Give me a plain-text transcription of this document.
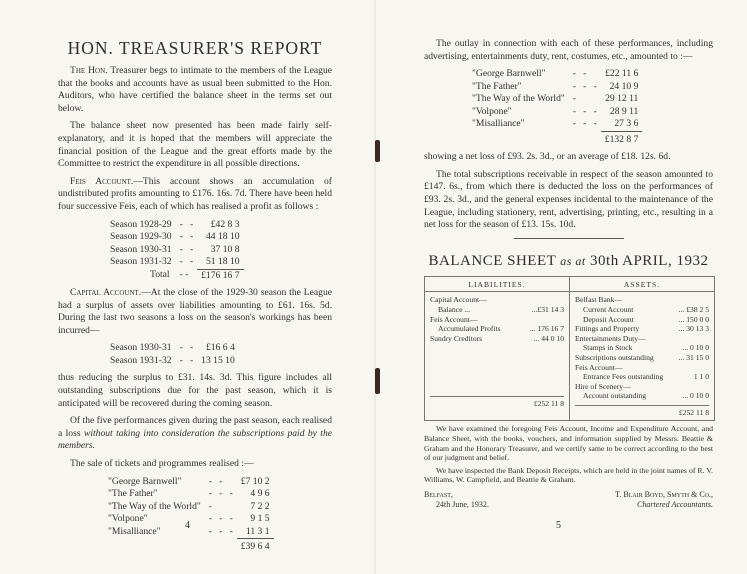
HON. TREASURER'S REPORT

The Hon. Treasurer begs to intimate to the members of the League that the books and accounts have as usual been submitted to the Hon. Auditors, who have certified the balance sheet in the terms set out below.

The balance sheet now presented has been made fairly self-explanatory, and it is hoped that the members will appreciate the financial position of the League and the great efforts made by the Committee to restrict the expenditure in all possible directions.

Feis Account.—This account shows an accumulation of undistributed profits amounting to £176. 16s. 7d. There have been held four successive Feis, each of which has realised a profit as follows :

Season 1928-29	-   -	£42 8 3
Season 1929-30	-   -	44 18 10
Season 1930-31	-   -	37 10 8
Season 1931-32	-   -	51 18 10
Total	- -	£176 16 7

Capital Account.—At the close of the 1929-30 season the League had a surplus of assets over liabilities amounting to £61. 16s. 5d. During the last two seasons a loss on the season's workings has been incurred—

Season 1930-31	-   -	£16 6 4
Season 1931-32	-   -	13 15 10

thus reducing the surplus to £31. 14s. 3d. This figure includes all outstanding subscriptions due for the past season, which it is anticipated will be recovered during the coming season.

Of the five performances given during the past season, each realised a loss without taking into consideration the subscriptions paid by the members.

The sale of tickets and programmes realised :—

"George Barnwell"	-   -	£7 10 2
"The Father"	-   -   -	4 9 6
"The Way of the World"	-	7 2 2
"Volpone"	-   -   -	9 1 5
"Misalliance"	-   -   -	11 3 1
		£39 6 4
4

The outlay in connection with each of these performances, including advertising, entertainments duty, rent, costumes, etc., amounted to :—

"George Barnwell"	-   -	£22 11 6
"The Father"	-   -   -	24 10 9
"The Way of the World"	-	29 12 11
"Volpone"	-   -   -	28 9 11
"Misalliance"	-   -   -	27 3 6
		£132 8 7

showing a net loss of £93. 2s. 3d., or an average of £18. 12s. 6d.

The total subscriptions receivable in respect of the season amounted to £147. 6s., from which there is deducted the loss on the performances of £93. 2s. 3d., and the general expenses incidental to the maintenance of the League, including stationery, rent, advertising, printing, etc., resulting in a net loss for the season of £13. 15s. 10d.

BALANCE SHEET as at 30th APRIL, 1932
LIABILITIES.
Capital Account—
Balance ...	...£31 14 3
Feis Account—
Accumulated Profits	... 176 16 7
Sundry Creditors	... 44 0 10
£252 11 8
ASSETS.
Belfast Bank—
Current Account	... £38 2 5
Deposit Account	... 150 0 0
Fittings and Property	... 30 13 3
Entertainments Duty—
Stamps in Stock	... 0 10 0
Subscriptions outstanding	... 31 15 0
Feis Account—
Entrance Fees outstanding	1 1 0
Hire of Scenery—
Account outstanding	... 0 10 0
£252 11 8

We have examined the foregoing Feis Account, Income and Expenditure Account, and Balance Sheet, with the books, vouchers, and information supplied by Messrs. Beattie & Graham and the Honorary Treasurer, and we certify same to be correct according to the best of our judgment and belief.

We have inspected the Bank Deposit Receipts, which are held in the joint names of R. V. Williams, W. Campfield, and Beattie & Graham.

Belfast,
24th June, 1932.
T. Blair Boyd, Smyth & Co.,
Chartered Accountants.
5
